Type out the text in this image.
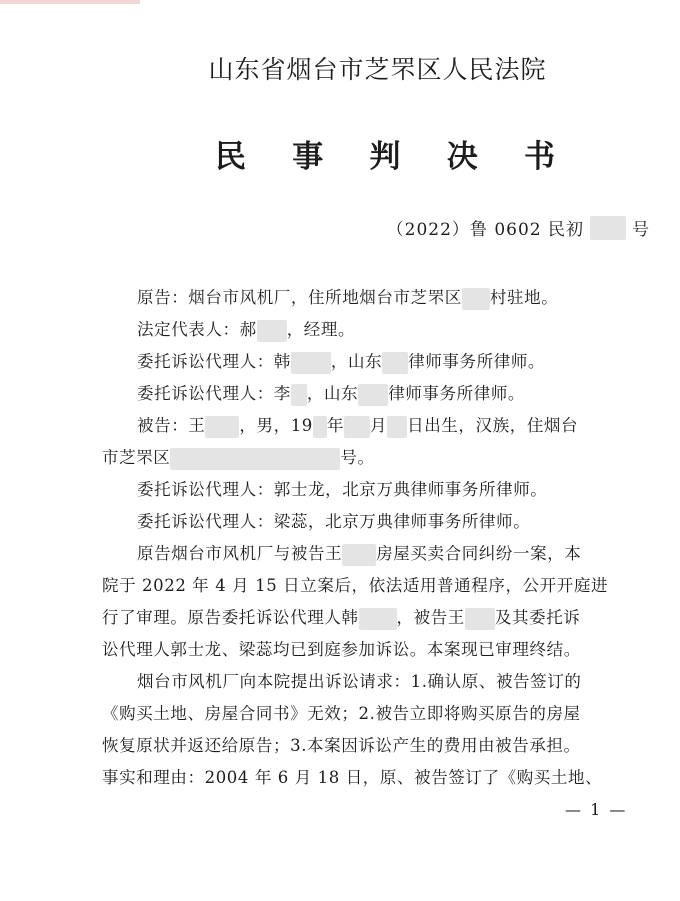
山东省烟台市芝罘区人民法院
民 事 判 决 书
（2022）鲁 0602 民初	号
原告：烟台市风机厂，住所地烟台市芝罘区 村驻地。
法定代表人：郝 ，经理。
委托诉讼代理人：韩 ，山东 律师事务所律师。
委托诉讼代理人：李 ，山东 律师事务所律师。
被告：王 ，男，19 年 月 日出生，汉族，住烟台
市芝罘区	号。
委托诉讼代理人：郭士龙，北京万典律师事务所律师。
委托诉讼代理人：梁蕊，北京万典律师事务所律师。
原告烟台市风机厂与被告王 房屋买卖合同纠纷一案，本
院于 2022 年 4 月 15 日立案后，依法适用普通程序，公开开庭进
行了审理。原告委托诉讼代理人韩 ，被告王 及其委托诉
讼代理人郭士龙、梁蕊均已到庭参加诉讼。本案现已审理终结。
烟台市风机厂向本院提出诉讼请求：1.确认原、被告签订的
《购买土地、房屋合同书》无效；2.被告立即将购买原告的房屋
恢复原状并返还给原告；3.本案因诉讼产生的费用由被告承担。
事实和理由：2004 年 6 月 18 日，原、被告签订了《购买土地、
— 1 —
